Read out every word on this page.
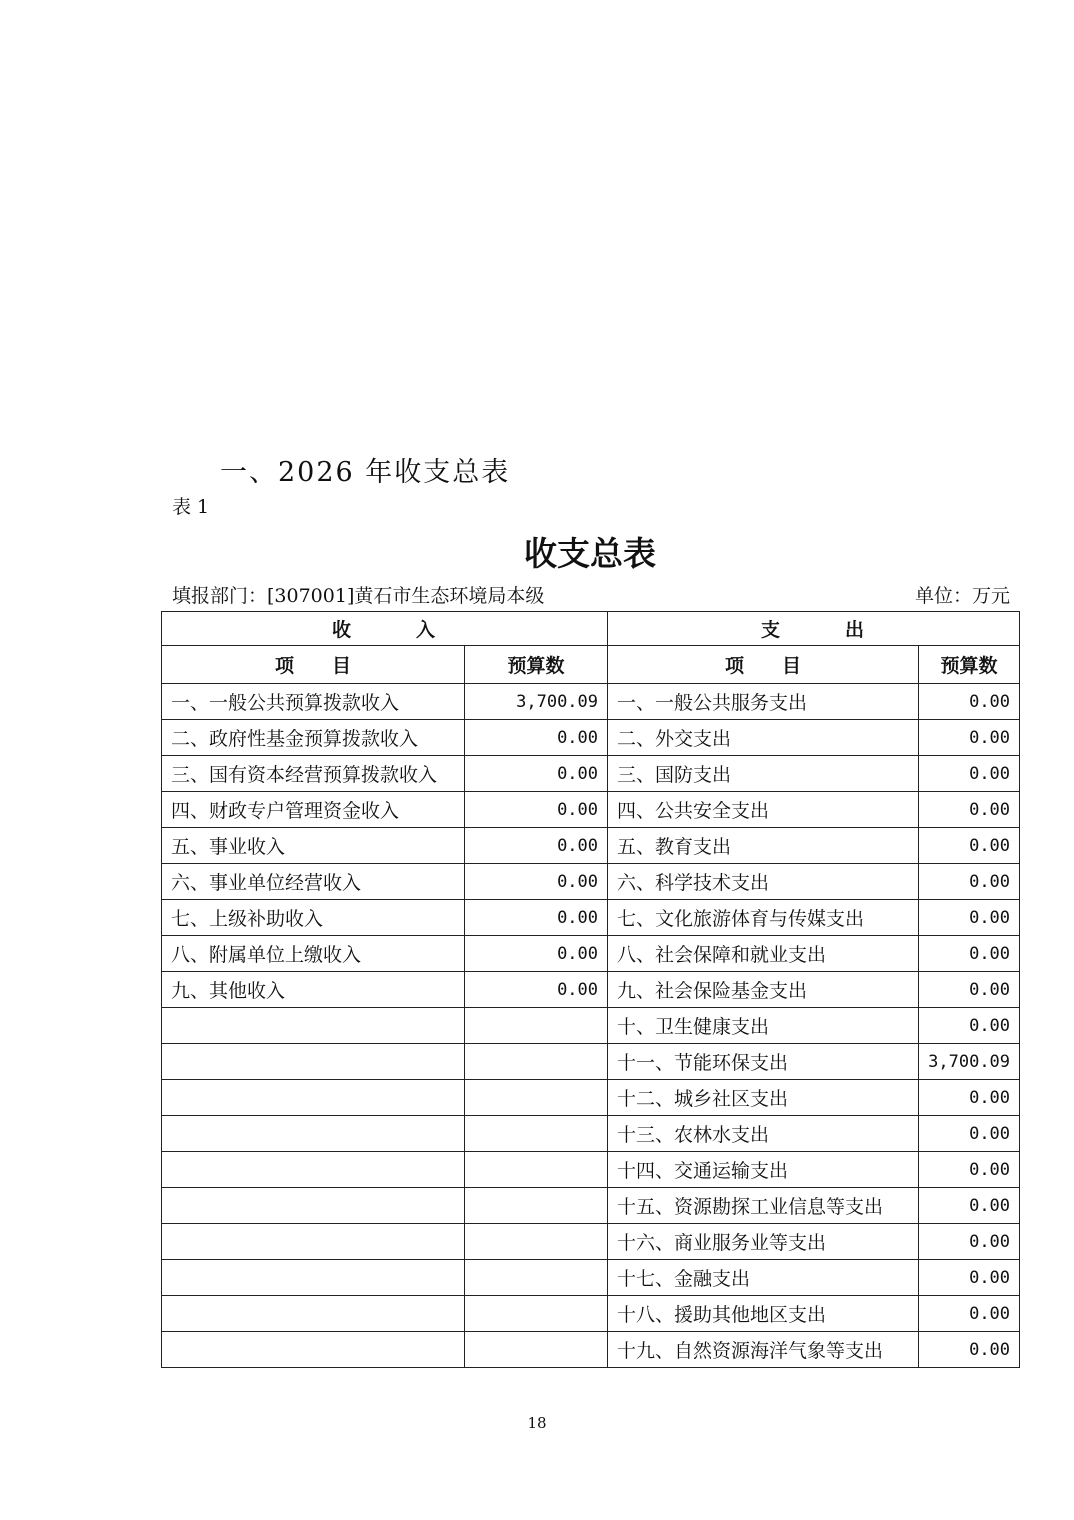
一、2026 年收支总表
表 1
收支总表
填报部门：[307001]黄石市生态环境局本级	单位：万元
收　　　入		支　　　出	
项　　目	预算数	项　　目	预算数
一、一般公共预算拨款收入	3,700.09	一、一般公共服务支出	0.00
二、政府性基金预算拨款收入	0.00	二、外交支出	0.00
三、国有资本经营预算拨款收入	0.00	三、国防支出	0.00
四、财政专户管理资金收入	0.00	四、公共安全支出	0.00
五、事业收入	0.00	五、教育支出	0.00
六、事业单位经营收入	0.00	六、科学技术支出	0.00
七、上级补助收入	0.00	七、文化旅游体育与传媒支出	0.00
八、附属单位上缴收入	0.00	八、社会保障和就业支出	0.00
九、其他收入	0.00	九、社会保险基金支出	0.00
		十、卫生健康支出	0.00
		十一、节能环保支出	3,700.09
		十二、城乡社区支出	0.00
		十三、农林水支出	0.00
		十四、交通运输支出	0.00
		十五、资源勘探工业信息等支出	0.00
		十六、商业服务业等支出	0.00
		十七、金融支出	0.00
		十八、援助其他地区支出	0.00
		十九、自然资源海洋气象等支出	0.00
18
